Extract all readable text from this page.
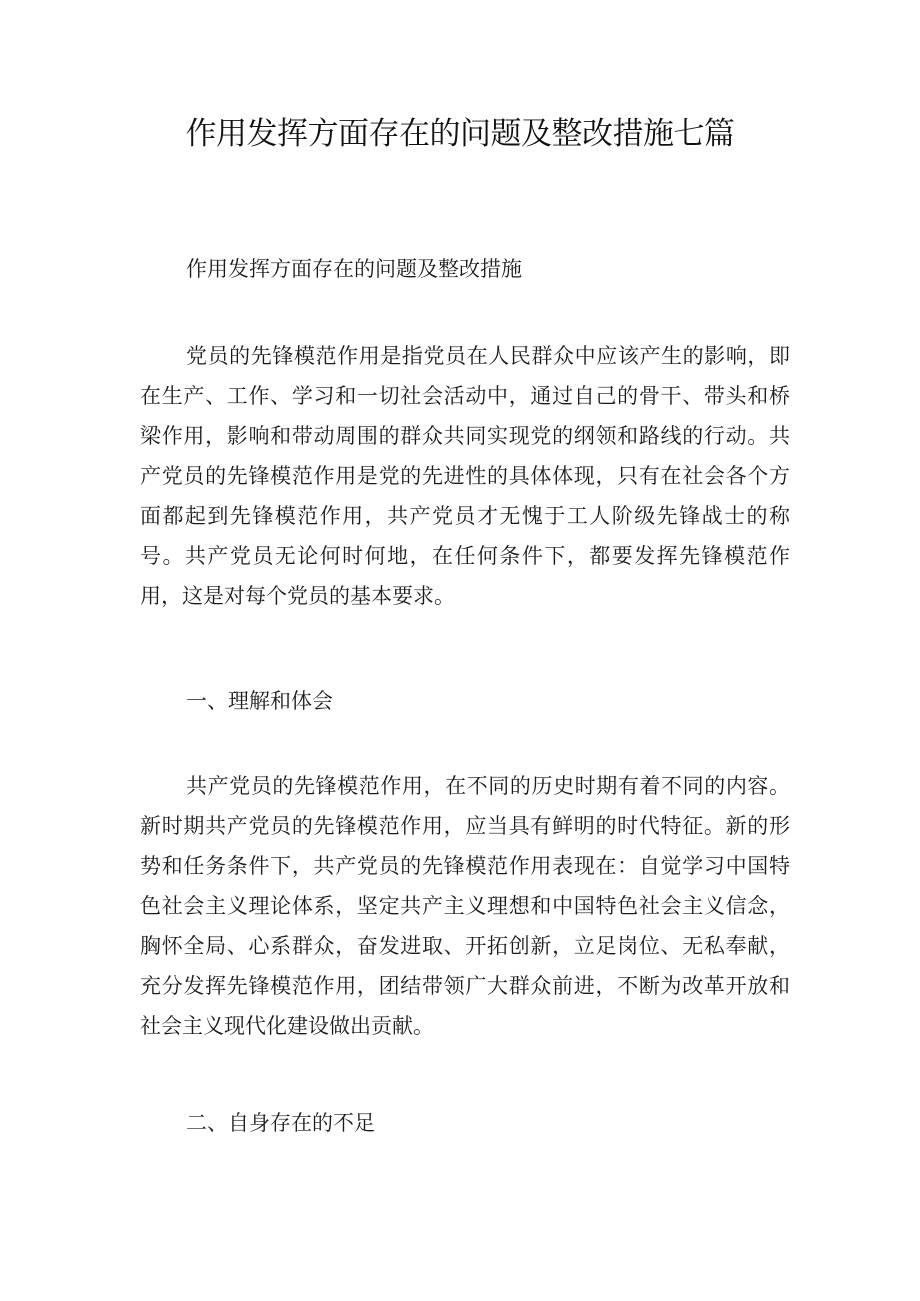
作用发挥方面存在的问题及整改措施七篇
作用发挥方面存在的问题及整改措施

党员的先锋模范作用是指党员在人民群众中应该产生的影响，即在生产、工作、学习和一切社会活动中，通过自己的骨干、带头和桥梁作用，影响和带动周围的群众共同实现党的纲领和路线的行动。共产党员的先锋模范作用是党的先进性的具体体现，只有在社会各个方面都起到先锋模范作用，共产党员才无愧于工人阶级先锋战士的称号。共产党员无论何时何地，在任何条件下，都要发挥先锋模范作用，这是对每个党员的基本要求。

一、理解和体会

共产党员的先锋模范作用，在不同的历史时期有着不同的内容。新时期共产党员的先锋模范作用，应当具有鲜明的时代特征。新的形势和任务条件下，共产党员的先锋模范作用表现在：自觉学习中国特色社会主义理论体系，坚定共产主义理想和中国特色社会主义信念，胸怀全局、心系群众，奋发进取、开拓创新，立足岗位、无私奉献，充分发挥先锋模范作用，团结带领广大群众前进，不断为改革开放和社会主义现代化建设做出贡献。

二、自身存在的不足
